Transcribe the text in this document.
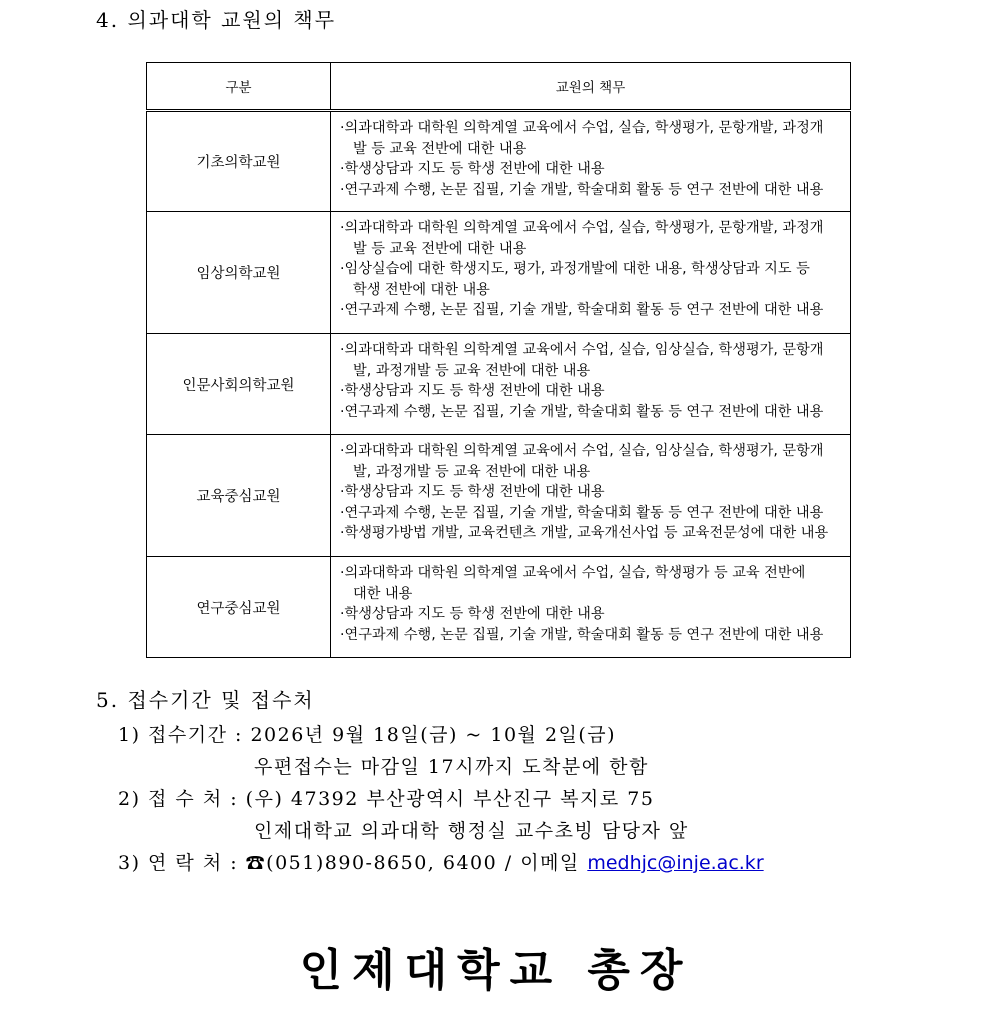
4. 의과대학 교원의 책무
구분	교원의 책무
기초의학교원	·의과대학과 대학원 의학계열 교육에서 수업, 실습, 학생평가, 문항개발, 과정개
발 등 교육 전반에 대한 내용
·학생상담과 지도 등 학생 전반에 대한 내용
·연구과제 수행, 논문 집필, 기술 개발, 학술대회 활동 등 연구 전반에 대한 내용

임상의학교원	·의과대학과 대학원 의학계열 교육에서 수업, 실습, 학생평가, 문항개발, 과정개
발 등 교육 전반에 대한 내용
·임상실습에 대한 학생지도, 평가, 과정개발에 대한 내용, 학생상담과 지도 등
학생 전반에 대한 내용
·연구과제 수행, 논문 집필, 기술 개발, 학술대회 활동 등 연구 전반에 대한 내용

인문사회의학교원	·의과대학과 대학원 의학계열 교육에서 수업, 실습, 임상실습, 학생평가, 문항개
발, 과정개발 등 교육 전반에 대한 내용
·학생상담과 지도 등 학생 전반에 대한 내용
·연구과제 수행, 논문 집필, 기술 개발, 학술대회 활동 등 연구 전반에 대한 내용

교육중심교원	·의과대학과 대학원 의학계열 교육에서 수업, 실습, 임상실습, 학생평가, 문항개
발, 과정개발 등 교육 전반에 대한 내용
·학생상담과 지도 등 학생 전반에 대한 내용
·연구과제 수행, 논문 집필, 기술 개발, 학술대회 활동 등 연구 전반에 대한 내용
·학생평가방법 개발, 교육컨텐츠 개발, 교육개선사업 등 교육전문성에 대한 내용

연구중심교원	·의과대학과 대학원 의학계열 교육에서 수업, 실습, 학생평가 등 교육 전반에
대한 내용
·학생상담과 지도 등 학생 전반에 대한 내용
·연구과제 수행, 논문 집필, 기술 개발, 학술대회 활동 등 연구 전반에 대한 내용
5. 접수기간 및 접수처
1) 접수기간 : 2026년 9월 18일(금) ~ 10월 2일(금)
우편접수는 마감일 17시까지 도착분에 한함
2) 접 수 처 : (우) 47392 부산광역시 부산진구 복지로 75
인제대학교 의과대학 행정실 교수초빙 담당자 앞
3) 연 락 처 : ☎(051)890-8650, 6400 / 이메일 medhjc@inje.ac.kr
인제대학교 총장
